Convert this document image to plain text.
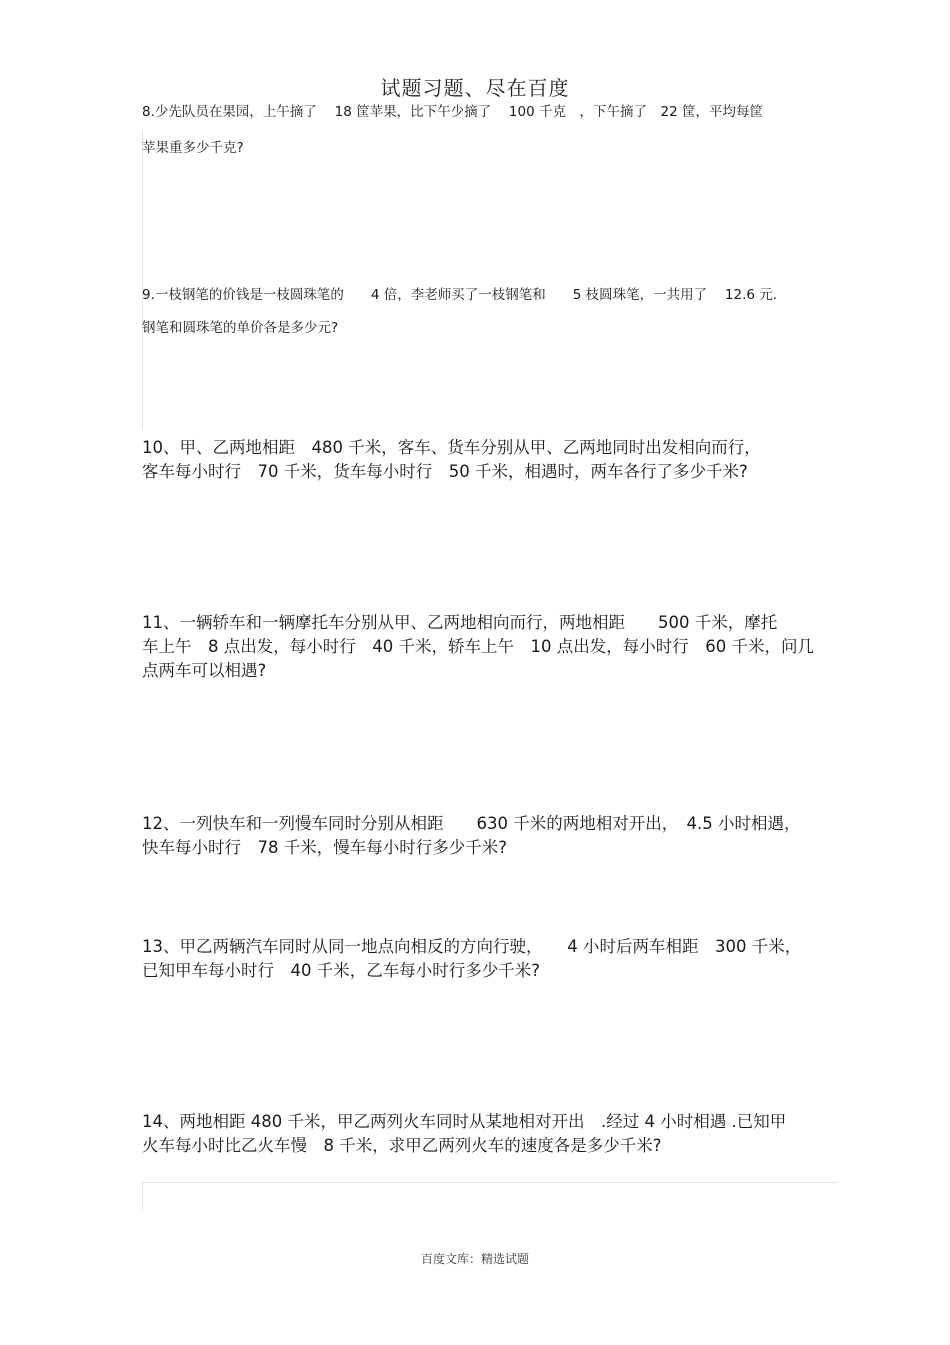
试题习题、尽在百度
8.少先队员在果园，上午摘了　 18 筐苹果，比下午少摘了　 100 千克　，下午摘了　22 筐，平均每筐
苹果重多少千克?
9.一枝钢笔的价钱是一枝圆珠笔的　　4 倍，李老师买了一枝钢笔和　　5 枝圆珠笔，一共用了　 12.6 元．
钢笔和圆珠笔的单价各是多少元?
10、甲、乙两地相距　480 千米，客车、货车分别从甲、乙两地同时出发相向而行，
客车每小时行　70 千米，货车每小时行　50 千米，相遇时，两车各行了多少千米?
11、一辆轿车和一辆摩托车分别从甲、乙两地相向而行，两地相距　　500 千米，摩托
车上午　8 点出发，每小时行　40 千米，轿车上午　10 点出发，每小时行　60 千米，问几
点两车可以相遇?
12、一列快车和一列慢车同时分别从相距　　630 千米的两地相对开出，　4.5 小时相遇，
快车每小时行　78 千米，慢车每小时行多少千米?
13、甲乙两辆汽车同时从同一地点向相反的方向行驶，　　4 小时后两车相距　300 千米，
已知甲车每小时行　40 千米，乙车每小时行多少千米?
14、两地相距 480 千米，甲乙两列火车同时从某地相对开出　.经过 4 小时相遇 .已知甲
火车每小时比乙火车慢　8 千米，求甲乙两列火车的速度各是多少千米?
百度文库：精选试题
